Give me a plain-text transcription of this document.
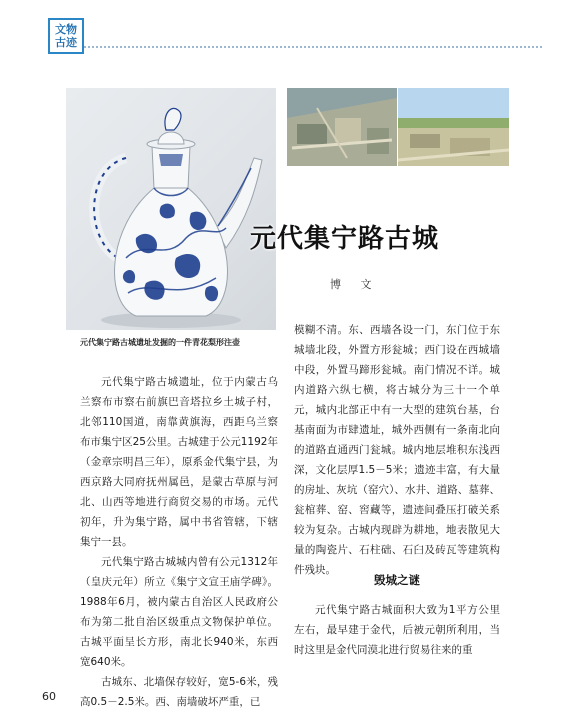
文物
古迹
元代集宁路古城
博 文
元代集宁路古城遗址发掘的一件青花梨形注壶

元代集宁路古城遗址，位于内蒙古乌兰察布市察右前旗巴音塔拉乡土城子村，北邻110国道，南靠黄旗海，西距乌兰察布市集宁区25公里。古城建于公元1192年（金章宗明昌三年），原系金代集宁县，为西京路大同府抚州属邑，是蒙古草原与河北、山西等地进行商贸交易的市场。元代初年，升为集宁路，属中书省管辖，下辖集宁一县。

元代集宁路古城城内曾有公元1312年（皇庆元年）所立《集宁文宣王庙学碑》。1988年6月，被内蒙古自治区人民政府公布为第二批自治区级重点文物保护单位。古城平面呈长方形，南北长940米，东西宽640米。

古城东、北墙保存较好，宽5-6米，残高0.5－2.5米。西、南墙破坏严重，已

模糊不清。东、西墙各设一门，东门位于东城墙北段，外置方形瓮城；西门设在西城墙中段，外置马蹄形瓮城。南门情况不详。城内道路六纵七横，将古城分为三十一个单元，城内北部正中有一大型的建筑台基，台基南面为市肆遗址，城外西侧有一条南北向的道路直通西门瓮城。城内地层堆积东浅西深，文化层厚1.5－5米；遗迹丰富，有大量的房址、灰坑（窑穴）、水井、道路、墓葬、瓮棺葬、窑、窖藏等，遗迹间叠压打破关系较为复杂。古城内现辟为耕地，地表散见大量的陶瓷片、石柱础、石臼及砖瓦等建筑构件残块。

毁城之谜

元代集宁路古城面积大致为1平方公里左右，最早建于金代，后被元朝所利用，当时这里是金代同漠北进行贸易往来的重

60
